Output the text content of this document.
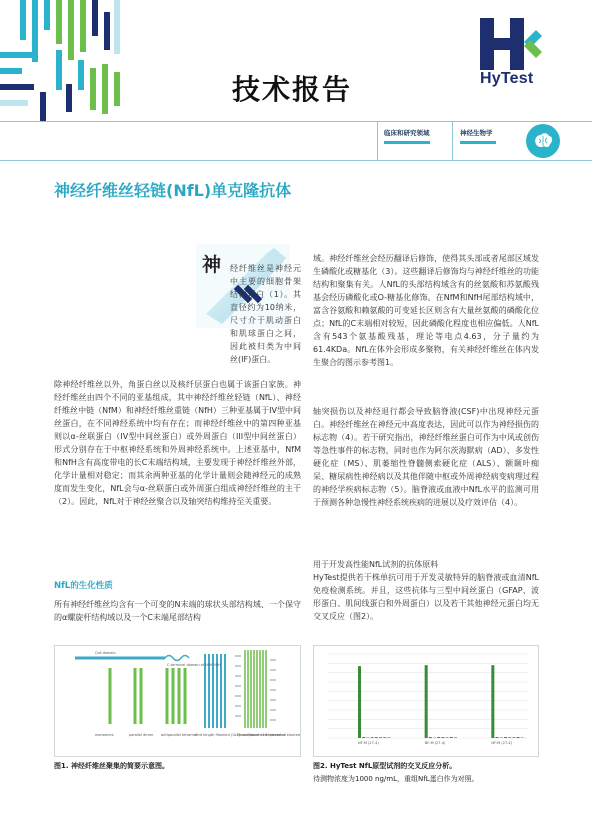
HyTest
技术报告
临床和研究领域	神经生物学
神经纤维丝轻链(NfL)单克隆抗体
神 经纤维丝是神经元中主要的细胞骨架结构蛋白（1）。其直径约为10纳米，尺寸介于肌动蛋白和肌球蛋白之间，因此被归类为中间丝(IF)蛋白。

除神经纤维丝以外，角蛋白丝以及核纤层蛋白也属于该蛋白家族。神经纤维丝由四个不同的亚基组成，其中神经纤维丝轻链（NfL）、神经纤维丝中链（NfM）和神经纤维丝重链（NfH）三种亚基属于IV型中间丝蛋白，在不同神经系统中均有存在；而神经纤维丝中的第四种亚基则以α-丝联蛋白（IV型中间丝蛋白）或外周蛋白（III型中间丝蛋白）形式分别存在于中枢神经系统和外周神经系统中。上述亚基中，NfM和NfH含有高度带电的长C末端结构域，主要发现于神经纤维丝外部，化学计量相对稳定；而其余两种亚基的化学计量则会随神经元的成熟度而发生变化，NfL会与α-丝联蛋白或外周蛋白组成神经纤维丝的主干（2）。因此，NfL对于神经丝聚合以及轴突结构维持至关重要。

NfL的生化性质

所有神经纤维丝均含有一个可变的N末端的球状头部结构域、一个保守的α螺旋杆结构域以及一个C末端尾部结构

域。神经纤维丝会经历翻译后修饰，使得其头部或者尾部区域发生磷酸化或糖基化（3）。这些翻译后修饰均与神经纤维丝的功能结构和聚集有关。人NfL的头部结构域含有的丝氨酸和苏氨酸残基会经历磷酸化或O-糖基化修饰。在NfM和NfH尾部结构域中，富含谷氨酸和赖氨酸的可变延长区则含有大量丝氨酸的磷酸化位点；NfL的C末端相对较短，因此磷酸化程度也相应偏低。人NfL含有543个氨基酸残基，理论等电点4.63，分子量约为61.4KDa。NfL在体外会形成多聚物，有关神经纤维丝在体内发生聚合的图示参考图1。

轴突损伤以及神经退行都会导致脑脊液(CSF)中出现神经元蛋白。神经纤维丝在神经元中高度表达，因此可以作为神经损伤的标志物（4）。若干研究指出，神经纤维丝蛋白可作为中风或创伤等急性事件的标志物，同时也作为阿尔茨海默病（AD）、多发性硬化症（MS）、肌萎缩性脊髓侧索硬化症（ALS）、额颞叶痴呆、糖尿病性神经病以及其他伴随中枢或外周神经病变病理过程的神经学疾病标志物（5）。脑脊液或血液中NfL水平的监测可用于预测各种急慢性神经系统疾病的进展以及疗效评估（4）。

用于开发高性能NfL试剂的抗体原料
HyTest提供若干株单抗可用于开发灵敏特异的脑脊液或血清NfL免疫检测系统。并且，这些抗体与三型中间丝蛋白（GFAP、波形蛋白、肌间线蛋白和外周蛋白）以及若干其他神经元蛋白均无交叉反应（图2）。
Coil domain
C-terminal domain of NfM, NfH
monomers	parallel dimer antiparallel tetramer
Unit length filament (ULF) composed of 8 tetramers
Neurofilament composed of elonted
图1. 神经纤维丝聚集的简要示意图。
NF-M (27-4)	NF-M (27-4)	NF-M (27-4)
图2. HyTest NfL原型试剂的交叉反应分析。
待测物浓度为1000 ng/mL，重组NfL蛋白作为对照。
